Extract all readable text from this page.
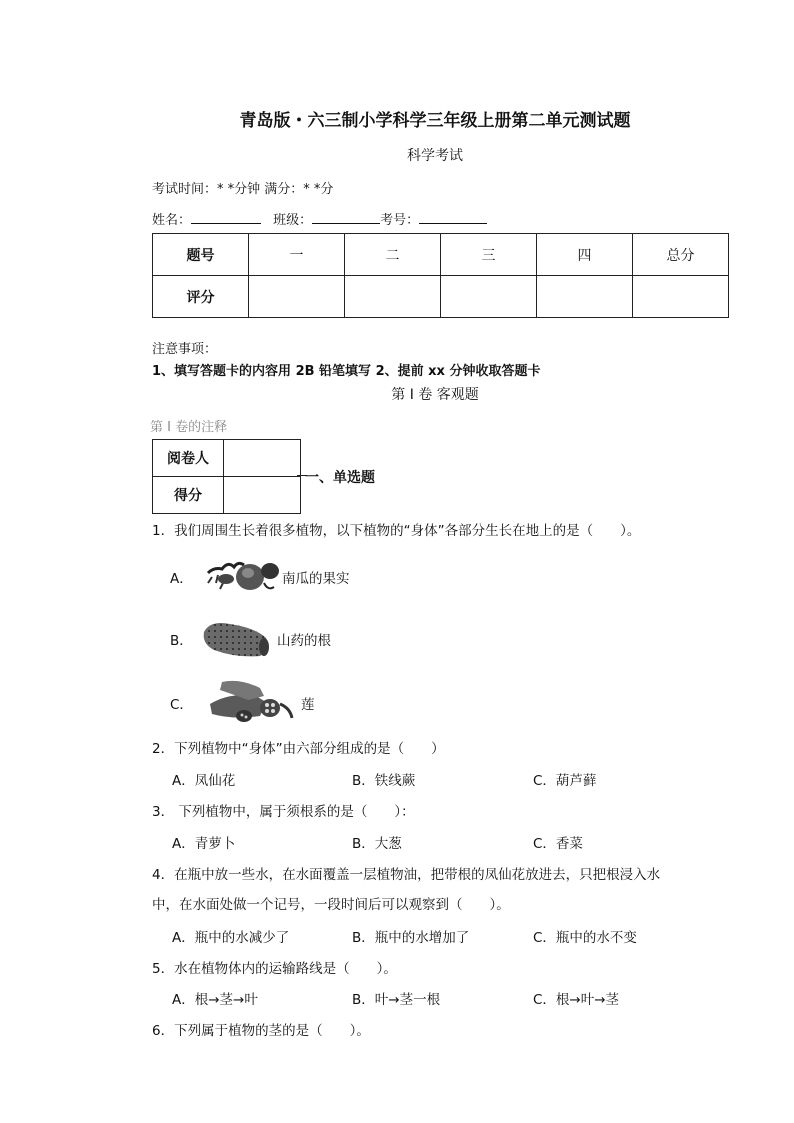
青岛版・六三制小学科学三年级上册第二单元测试题
科学考试
考试时间：* *分钟 满分：* *分
姓名：	班级：	考号：
题号	一	二	三	四	总分
评分					
注意事项：
1、填写答题卡的内容用 2B 铅笔填写 2、提前 xx 分钟收取答题卡
第 I 卷 客观题
第 I 卷的注释
阅卷人	
得分	
一、单选题
1．我们周围生长着很多植物，以下植物的“身体”各部分生长在地上的是（　　）。
A．	南瓜的果实
B．	山药的根
C．	莲
2．下列植物中“身体”由六部分组成的是（　　）
A．凤仙花	B．铁线蕨	C．葫芦藓
3． 下列植物中，属于须根系的是（　　）：
A．青萝卜	B．大葱	C．香菜
4．在瓶中放一些水，在水面覆盖一层植物油，把带根的凤仙花放进去，只把根浸入水
中，在水面处做一个记号，一段时间后可以观察到（　　）。
A．瓶中的水减少了	B．瓶中的水增加了	C．瓶中的水不变
5．水在植物体内的运输路线是（　　）。
A．根→茎→叶	B．叶→茎一根	C．根→叶→茎
6．下列属于植物的茎的是（　　）。
